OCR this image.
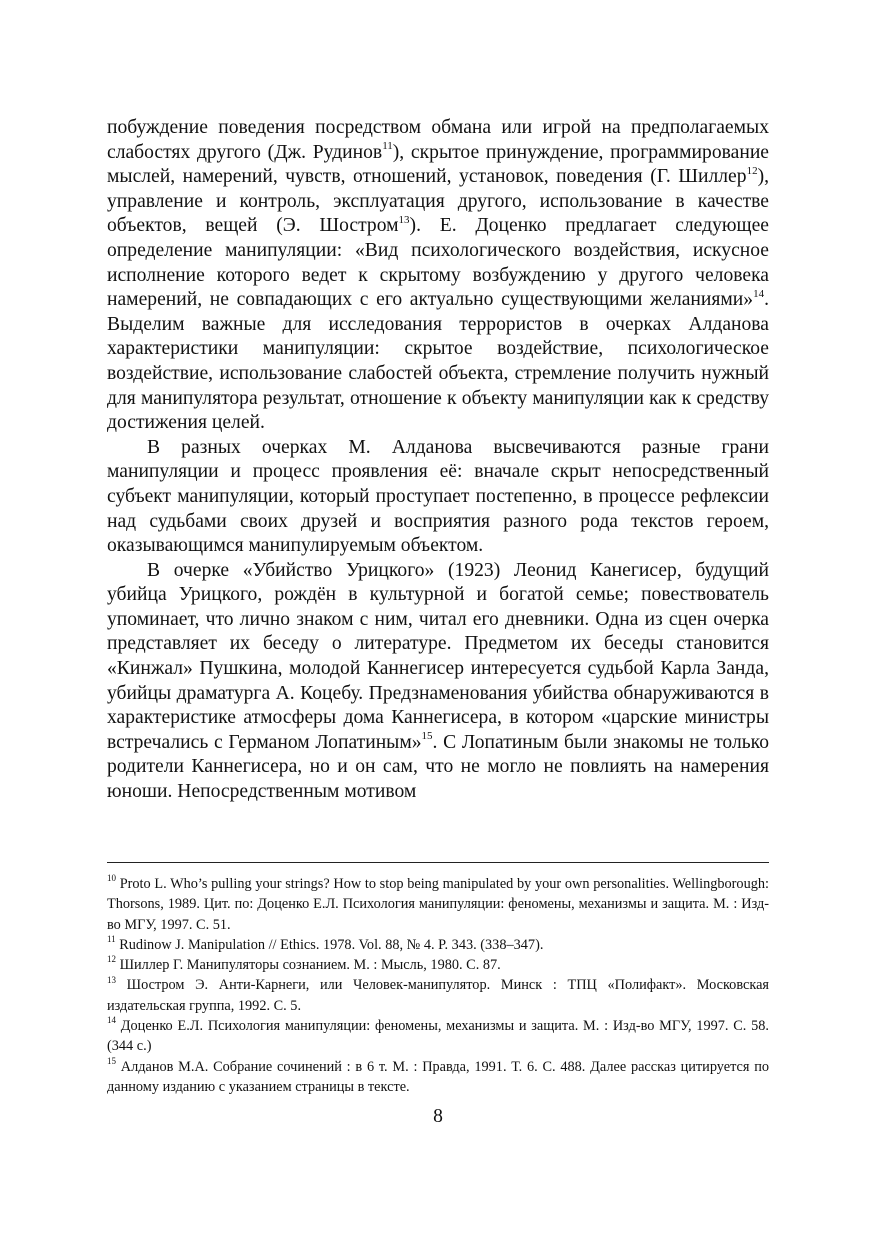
побуждение поведения посредством обмана или игрой на предполагаемых слабостях другого (Дж. Рудинов$^{11}$), скрытое принуждение, программирование мыслей, намерений, чувств, отношений, установок, поведения (Г. Шиллер$^{12}$), управление и контроль, эксплуатация другого, использование в качестве объектов, вещей (Э. Шостром$^{13}$). Е. Доценко предлагает следующее определение манипуляции: «Вид психологического воздействия, искусное исполнение которого ведет к скрытому возбуждению у другого человека намерений, не совпадающих с его актуально существующими желаниями»$^{14}$. Выделим важные для исследования террористов в очерках Алданова характеристики манипуляции: скрытое воздействие, психологическое воздействие, использование слабостей объекта, стремление получить нужный для манипулятора результат, отношение к объекту манипуляции как к средству достижения целей.

В разных очерках М. Алданова высвечиваются разные грани манипуляции и процесс проявления её: вначале скрыт непосредственный субъект манипуляции, который проступает постепенно, в процессе рефлексии над судьбами своих друзей и восприятия разного рода текстов героем, оказывающимся манипулируемым объектом.

В очерке «Убийство Урицкого» (1923) Леонид Канегисер, будущий убийца Урицкого, рождён в культурной и богатой семье; повествователь упоминает, что лично знаком с ним, читал его дневники. Одна из сцен очерка представляет их беседу о литературе. Предметом их беседы становится «Кинжал» Пушкина, молодой Каннегисер интересуется судьбой Карла Занда, убийцы драматурга А. Коцебу. Предзнаменования убийства обнаруживаются в характеристике атмосферы дома Каннегисера, в котором «царские министры встречались с Германом Лопатиным»$^{15}$. С Лопатиным были знакомы не только родители Каннегисера, но и он сам, что не могло не повлиять на намерения юноши. Непосредственным мотивом

$^{10}$ Proto L. Who’s pulling your strings? How to stop being manipulated by your own personalities. Wellingborough: Thorsons, 1989. Цит. по: Доценко Е.Л. Психология манипуляции: феномены, механизмы и защита. М. : Изд-во МГУ, 1997. С. 51.

$^{11}$ Rudinow J. Manipulation // Ethics. 1978. Vol. 88, № 4. P. 343. (338–347).

$^{12}$ Шиллер Г. Манипуляторы сознанием. М. : Мысль, 1980. С. 87.

$^{13}$ Шостром Э. Анти-Карнеги, или Человек-манипулятор. Минск : ТПЦ «Полифакт». Московская издательская группа, 1992. С. 5.

$^{14}$ Доценко Е.Л. Психология манипуляции: феномены, механизмы и защита. М. : Изд-во МГУ, 1997. С. 58. (344 с.)

$^{15}$ Алданов М.А. Собрание сочинений : в 6 т. М. : Правда, 1991. Т. 6. С. 488. Далее рассказ цитируется по данному изданию с указанием страницы в тексте.

8
